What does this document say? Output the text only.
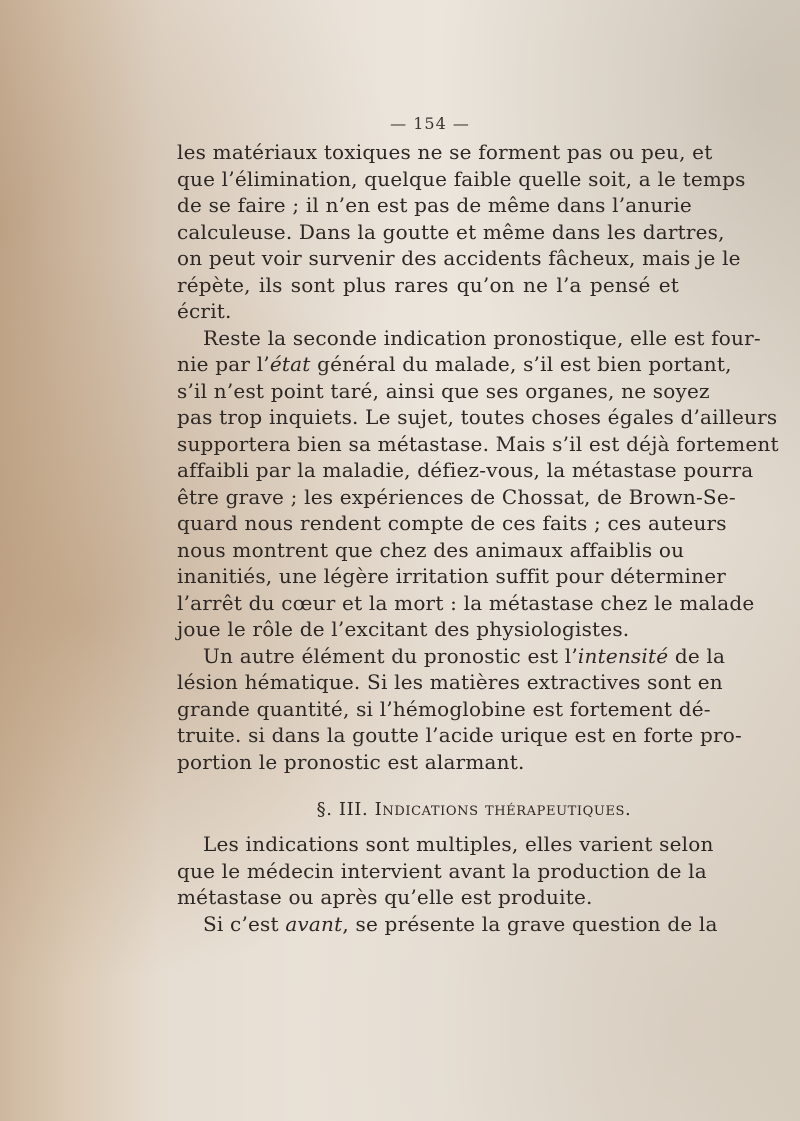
— 154 —
les matériaux toxiques ne se forment pas ou peu, et
que l’élimination, quelque faible quelle soit, a le temps
de se faire ; il n’en est pas de même dans l’anurie
calculeuse. Dans la goutte et même dans les dartres,
on peut voir survenir des accidents fâcheux, mais je le
répète, ils sont plus rares qu’on ne l’a pensé et
écrit.
Reste la seconde indication pronostique, elle est four-
nie par l’état général du malade, s’il est bien portant,
s’il n’est point taré, ainsi que ses organes, ne soyez
pas trop inquiets. Le sujet, toutes choses égales d’ailleurs
supportera bien sa métastase. Mais s’il est déjà fortement
affaibli par la maladie, défiez-vous, la métastase pourra
être grave ; les expériences de Chossat, de Brown-Se-
quard nous rendent compte de ces faits ; ces auteurs
nous montrent que chez des animaux affaiblis ou
inanitiés, une légère irritation suffit pour déterminer
l’arrêt du cœur et la mort : la métastase chez le malade
joue le rôle de l’excitant des physiologistes.
Un autre élément du pronostic est l’intensité de la
lésion hématique. Si les matières extractives sont en
grande quantité, si l’hémoglobine est fortement dé-
truite. si dans la goutte l’acide urique est en forte pro-
portion le pronostic est alarmant.
§. III. Indications thérapeutiques.
Les indications sont multiples, elles varient selon
que le médecin intervient avant la production de la
métastase ou après qu’elle est produite.
Si c’est avant, se présente la grave question de la
